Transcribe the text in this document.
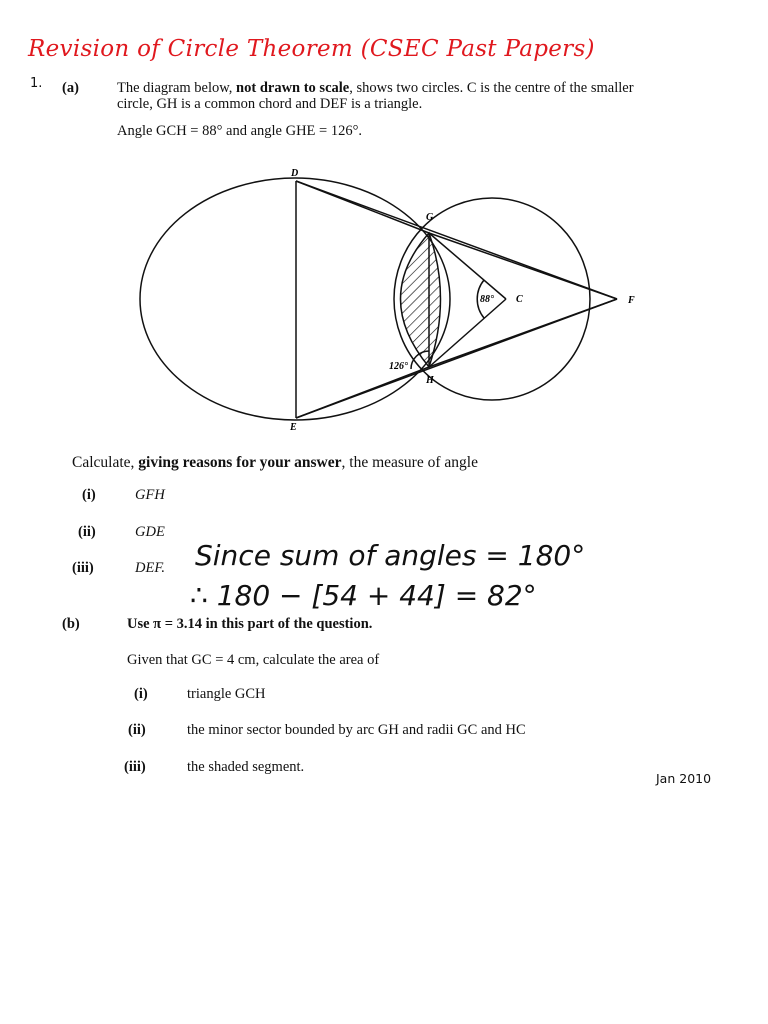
Revision of Circle Theorem (CSEC Past Papers)
1. (a)	The diagram below, not drawn to scale, shows two circles. C is the centre of the smaller
circle, GH is a common chord and DEF is a triangle.
Angle GCH = 88° and angle GHE = 126°.
D
G
C	F
H
E
88°
126°
Calculate, giving reasons for your answer, the measure of angle
(i)	GFH
(ii)	GDE
(iii)	DEF.
(b)	Use π = 3.14 in this part of the question.
Given that GC = 4 cm, calculate the area of
(i)	triangle GCH
(ii)	the minor sector bounded by arc GH and radii GC and HC
(iii)	the shaded segment.
Since sum of angles = 180°
∴ 180 − [54 + 44] = 82°
Jan 2010
